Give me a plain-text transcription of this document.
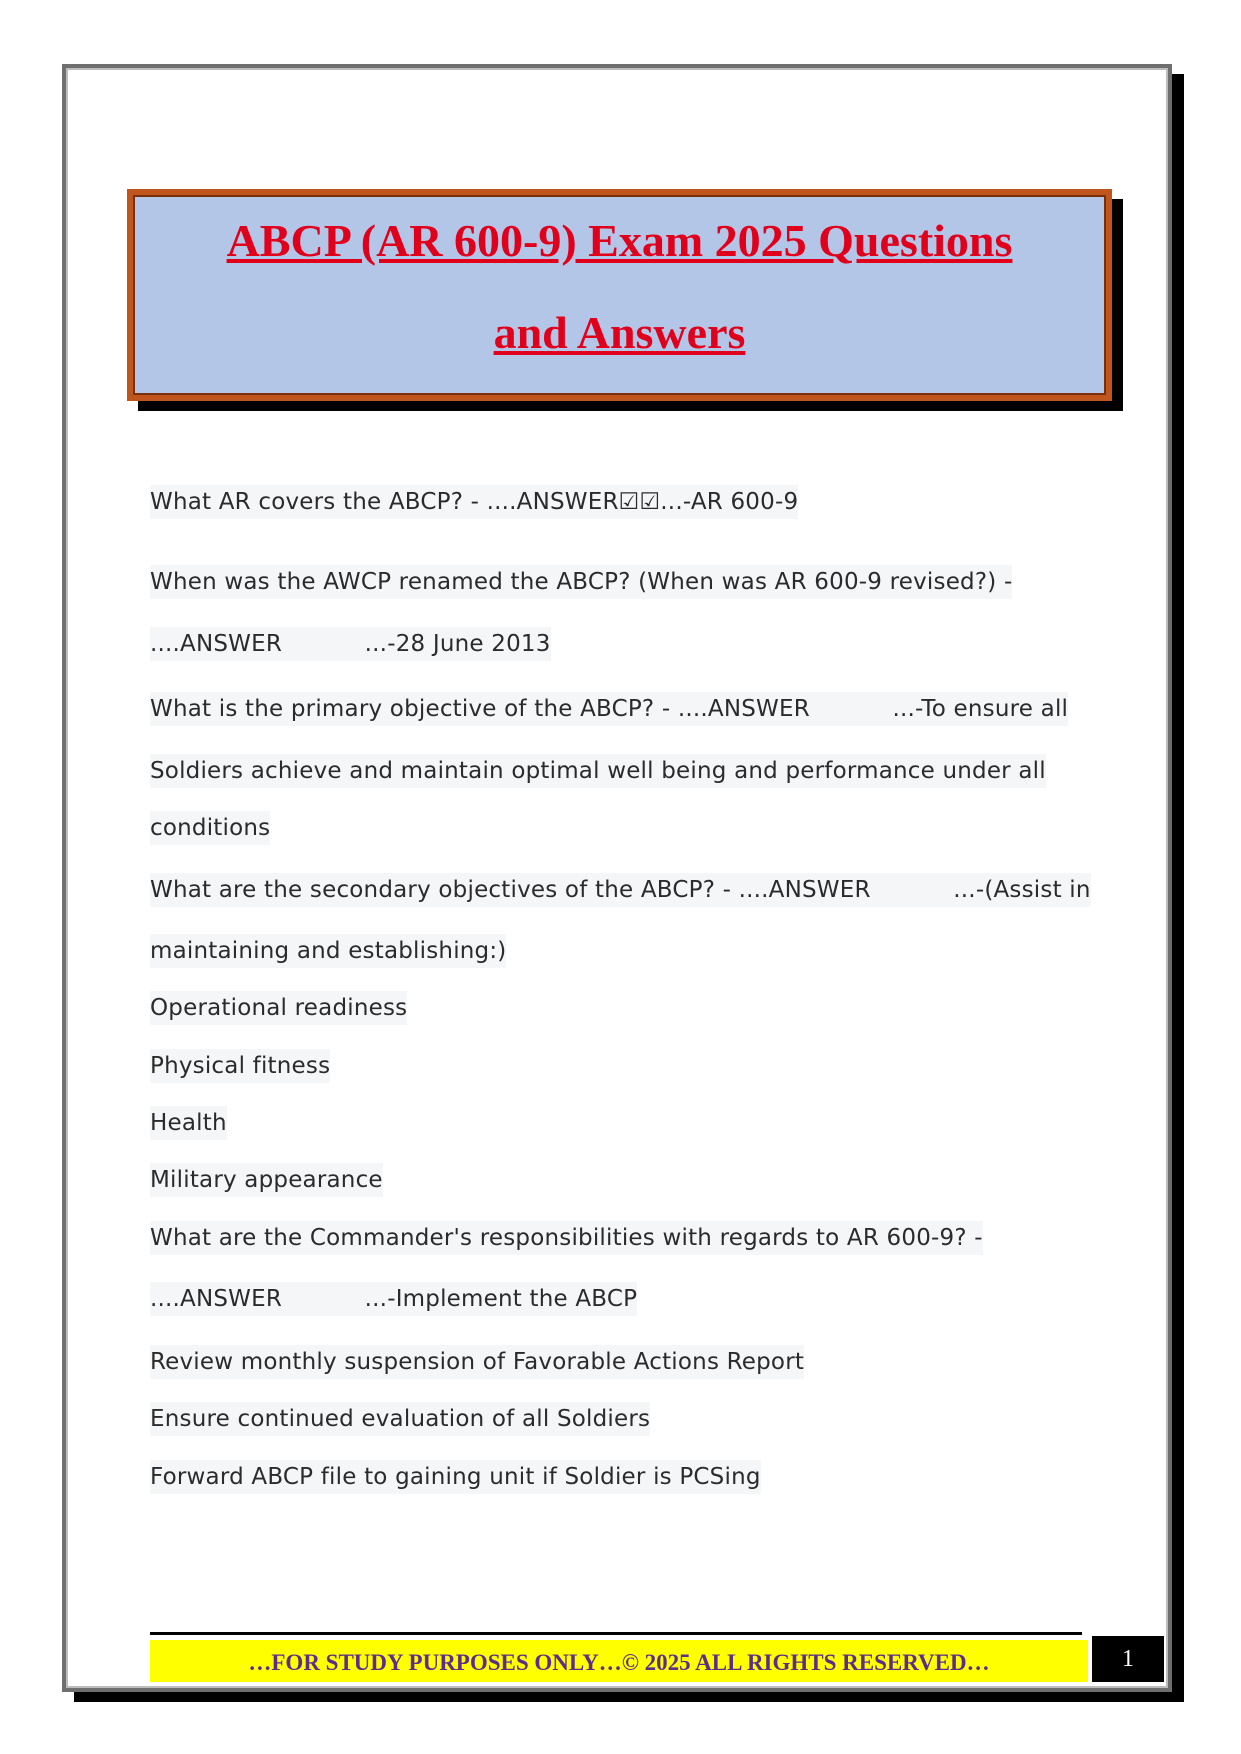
ABCP (AR 600-9) Exam 2025 Questions
and Answers
What AR covers the ABCP? - ....ANSWER☑☑...-AR 600-9
When was the AWCP renamed the ABCP? (When was AR 600-9 revised?) -
....ANSWER           ...-28 June 2013
What is the primary objective of the ABCP? - ....ANSWER           ...-To ensure all
Soldiers achieve and maintain optimal well being and performance under all
conditions
What are the secondary objectives of the ABCP? - ....ANSWER           ...-(Assist in
maintaining and establishing:)
Operational readiness
Physical fitness
Health
Military appearance
What are the Commander's responsibilities with regards to AR 600-9? -
....ANSWER           ...-Implement the ABCP
Review monthly suspension of Favorable Actions Report
Ensure continued evaluation of all Soldiers
Forward ABCP file to gaining unit if Soldier is PCSing
…FOR STUDY PURPOSES ONLY…© 2025 ALL RIGHTS RESERVED…	1
